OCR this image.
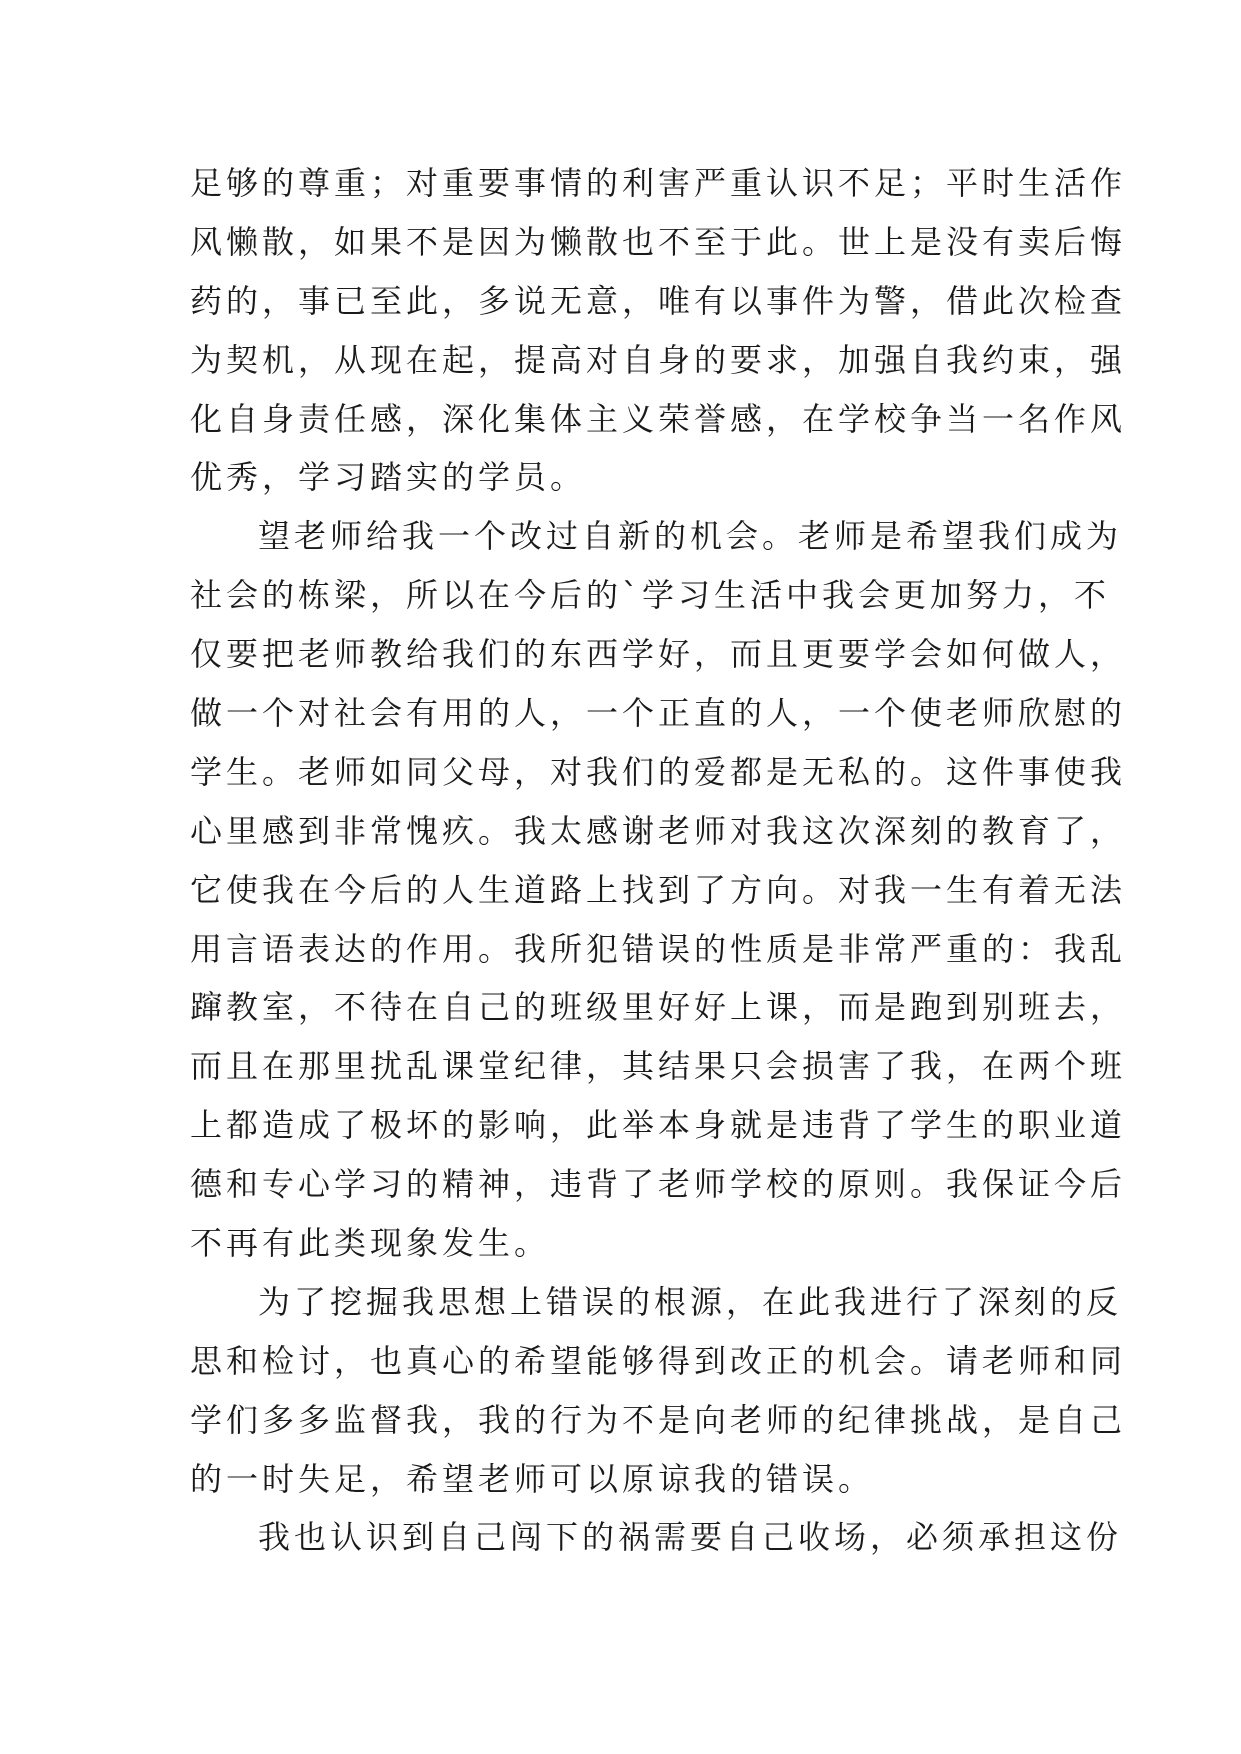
足够的尊重；对重要事情的利害严重认识不足；平时生活作
风懒散，如果不是因为懒散也不至于此。世上是没有卖后悔
药的，事已至此，多说无意，唯有以事件为警，借此次检查
为契机，从现在起，提高对自身的要求，加强自我约束，强
化自身责任感，深化集体主义荣誉感，在学校争当一名作风
优秀，学习踏实的学员。
望老师给我一个改过自新的机会。老师是希望我们成为
社会的栋梁，所以在今后的`学习生活中我会更加努力，不
仅要把老师教给我们的东西学好，而且更要学会如何做人，
做一个对社会有用的人，一个正直的人，一个使老师欣慰的
学生。老师如同父母，对我们的爱都是无私的。这件事使我
心里感到非常愧疚。我太感谢老师对我这次深刻的教育了，
它使我在今后的人生道路上找到了方向。对我一生有着无法
用言语表达的作用。我所犯错误的性质是非常严重的：我乱
蹿教室，不待在自己的班级里好好上课，而是跑到别班去，
而且在那里扰乱课堂纪律，其结果只会损害了我，在两个班
上都造成了极坏的影响，此举本身就是违背了学生的职业道
德和专心学习的精神，违背了老师学校的原则。我保证今后
不再有此类现象发生。
为了挖掘我思想上错误的根源，在此我进行了深刻的反
思和检讨，也真心的希望能够得到改正的机会。请老师和同
学们多多监督我，我的行为不是向老师的纪律挑战，是自己
的一时失足，希望老师可以原谅我的错误。
我也认识到自己闯下的祸需要自己收场，必须承担这份
